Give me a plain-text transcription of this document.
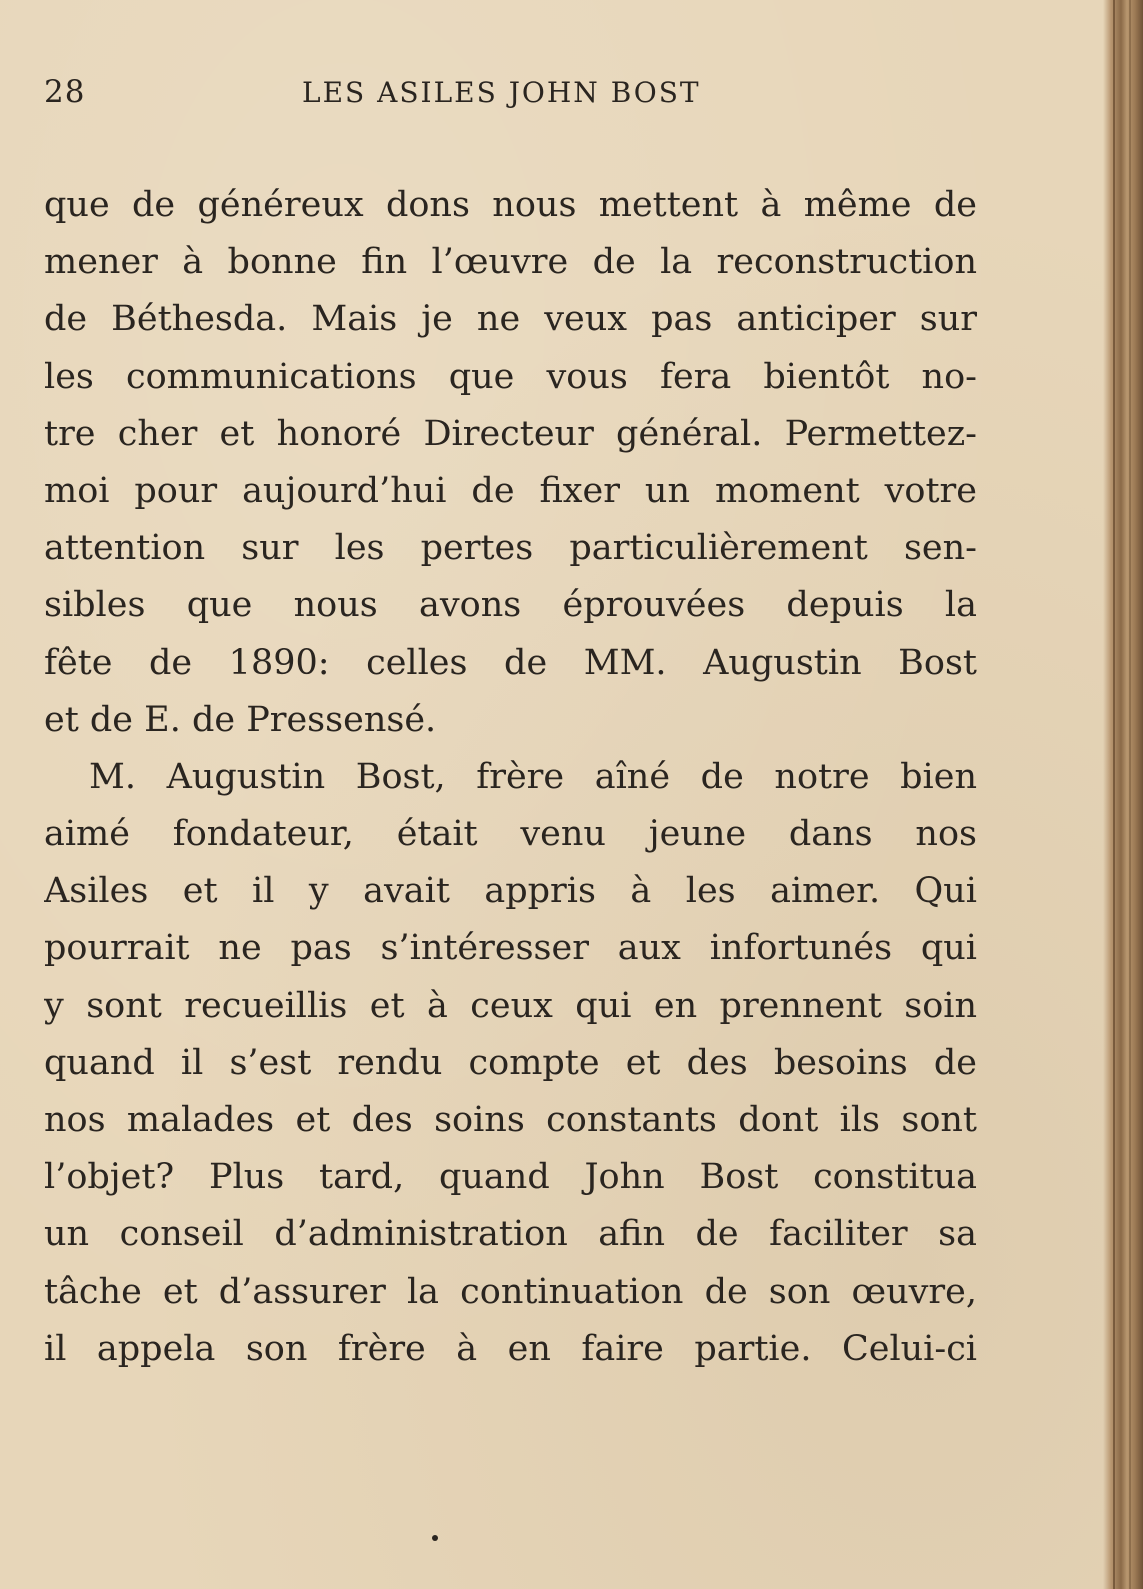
28	LES ASILES JOHN BOST
que de généreux dons nous mettent à même de
mener à bonne fin l’œuvre de la reconstruction
de Béthesda. Mais je ne veux pas anticiper sur
les communications que vous fera bientôt no-
tre cher et honoré Directeur général. Permettez-
moi pour aujourd’hui de fixer un moment votre
attention sur les pertes particulièrement sen-
sibles que nous avons éprouvées depuis la
fête de 1890: celles de MM. Augustin Bost
et de E. de Pressensé.
M. Augustin Bost, frère aîné de notre bien
aimé fondateur, était venu jeune dans nos
Asiles et il y avait appris à les aimer. Qui
pourrait ne pas s’intéresser aux infortunés qui
y sont recueillis et à ceux qui en prennent soin
quand il s’est rendu compte et des besoins de
nos malades et des soins constants dont ils sont
l’objet? Plus tard, quand John Bost constitua
un conseil d’administration afin de faciliter sa
tâche et d’assurer la continuation de son œuvre,
il appela son frère à en faire partie. Celui-ci
